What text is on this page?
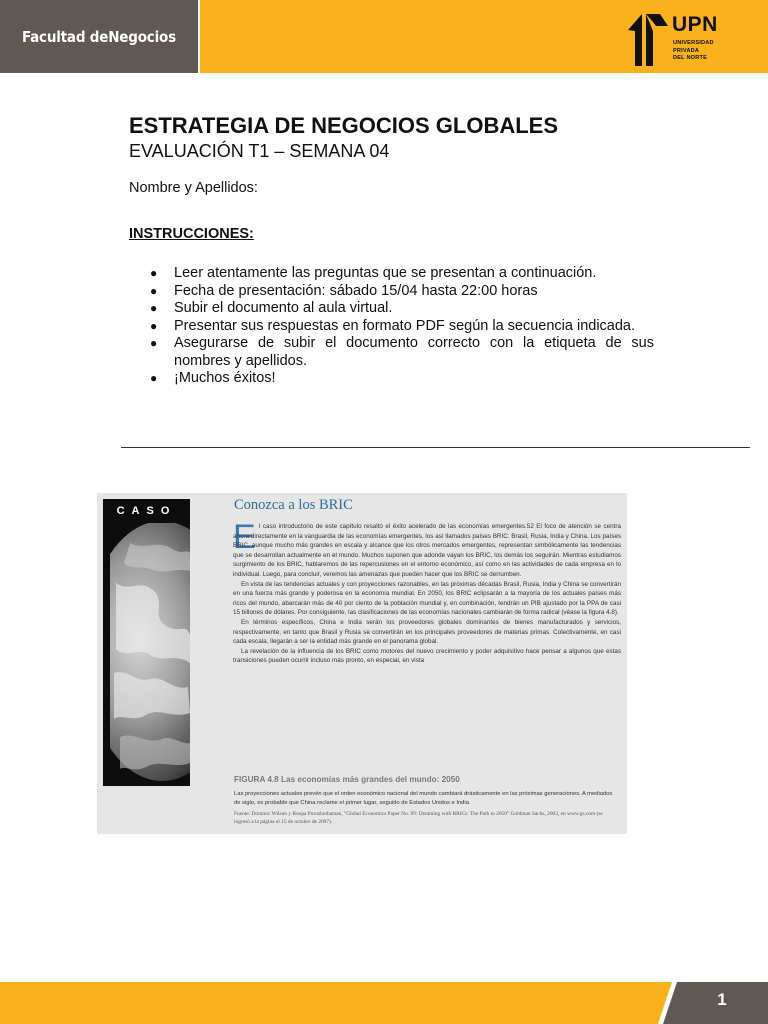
Facultad deNegocios
UPN
UNIVERSIDAD
PRIVADA
DEL NORTE
ESTRATEGIA DE NEGOCIOS GLOBALES
EVALUACIÓN T1 – SEMANA 04
Nombre y Apellidos:
INSTRUCCIONES:
● Leer atentamente las preguntas que se presentan a continuación.
● Fecha de presentación: sábado 15/04 hasta 22:00 horas
● Subir el documento al aula virtual.
● Presentar sus respuestas en formato PDF según la secuencia indicada.
● Asegurarse de subir el documento correcto con la etiqueta de sus nombres y apellidos.
● ¡Muchos éxitos!
CASO	Conozca a los BRIC
E l caso introductorio de este capítulo resaltó el éxito acelerado de las economías emergentes.52 El foco de atención se centra ahora directamente en la vanguardia de las economías emergentes, los así llamados países BRIC: Brasil, Rusia, India y China. Los países BRIC, aunque mucho más grandes en escala y alcance que los otros mercados emergentes, representan simbólicamente las tendencias que se desarrollan actualmente en el mundo. Muchos suponen que adonde vayan los BRIC, los demás los seguirán. Mientras estudiamos surgimiento de los BRIC, hablaremos de las repercusiones en el entorno económico, así como en las actividades de cada empresa en lo individual. Luego, para concluir, veremos las amenazas que pueden hacer que los BRIC se derrumben.

En vista de las tendencias actuales y con proyecciones razonables, en las próximas décadas Brasil, Rusia, India y China se convertirán en una fuerza más grande y poderosa en la economía mundial. En 2050, los BRIC eclipsarán a la mayoría de los actuales países más ricos del mundo, abarcarán más de 40 por ciento de la población mundial y, en combinación, tendrán un PIB ajustado por la PPA de casi 15 billones de dólares. Por consiguiente, las clasificaciones de las economías nacionales cambiarán de forma radical (véase la figura 4.8).

En términos específicos, China e India serán los proveedores globales dominantes de bienes manufacturados y servicios, respectivamente, en tanto que Brasil y Rusia se convertirán en los principales proveedores de materias primas. Colectivamente, en casi cada escala, llegarán a ser la entidad más grande en el panorama global.

La revelación de la influencia de los BRIC como motores del nuevo crecimiento y poder adquisitivo hace pensar a algunos que estas transiciones pueden ocurrir incluso más pronto, en especial, en vista

FIGURA 4.8 Las economías más grandes del mundo: 2050
Las proyecciones actuales prevén que el orden económico nacional del mundo cambiará drásticamente en las próximas generaciones. A mediados de siglo, es probable que China reclame el primer lugar, seguido de Estados Unidos e India.
Fuente: Dominic Wilson y Roopa Purushothaman, "Global Economics Paper No. 99: Dreaming with BRICs: The Path to 2050" Goldman Sachs, 2003, en www.gs.com (se ingresó a la página el 15 de octubre de 2007).
1
